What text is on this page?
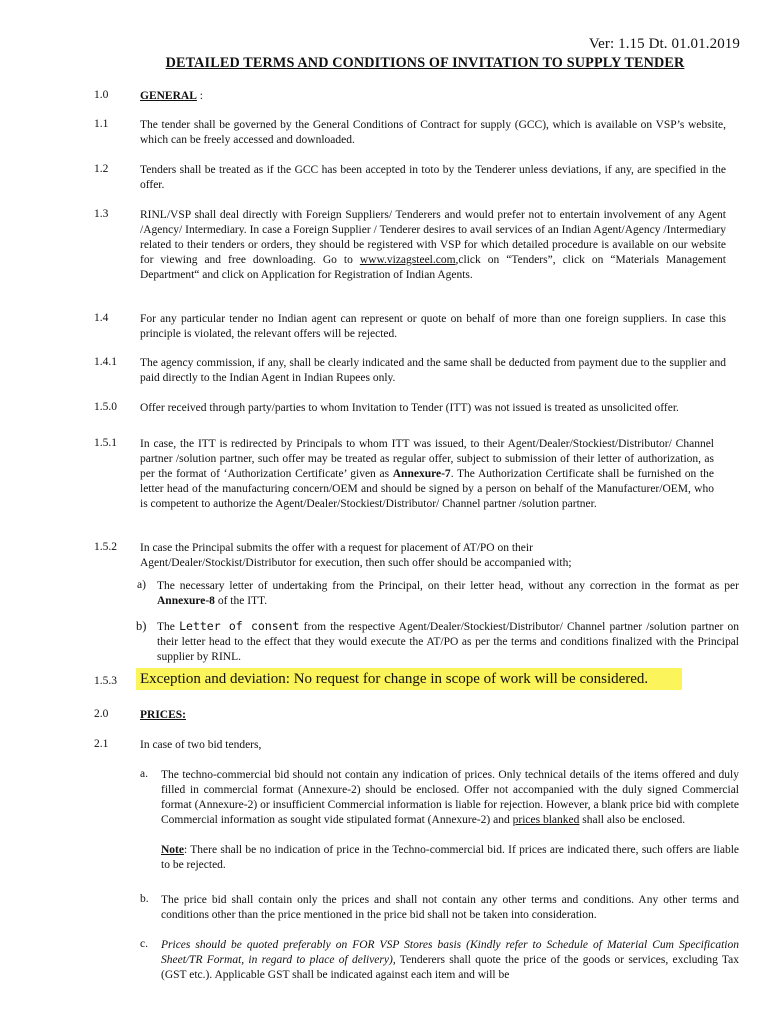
Ver: 1.15 Dt. 01.01.2019
DETAILED TERMS AND CONDITIONS OF INVITATION TO SUPPLY TENDER
1.0	GENERAL :
1.1	The tender shall be governed by the General Conditions of Contract for supply (GCC), which is available on VSP’s website, which can be freely accessed and downloaded.
1.2	Tenders shall be treated as if the GCC has been accepted in toto by the Tenderer unless deviations, if any, are specified in the offer.
1.3	RINL/VSP shall deal directly with Foreign Suppliers/ Tenderers and would prefer not to entertain involvement of any Agent /Agency/ Intermediary. In case a Foreign Supplier / Tenderer desires to avail services of an Indian Agent/Agency /Intermediary related to their tenders or orders, they should be registered with VSP for which detailed procedure is available on our website for viewing and free downloading. Go to www.vizagsteel.com,click on “Tenders”, click on “Materials Management Department“ and click on Application for Registration of Indian Agents.
1.4	For any particular tender no Indian agent can represent or quote on behalf of more than one foreign suppliers. In case this principle is violated, the relevant offers will be rejected.
1.4.1 The agency commission, if any, shall be clearly indicated and the same shall be deducted from payment due to the supplier and paid directly to the Indian Agent in Indian Rupees only.
1.5.0 Offer received through party/parties to whom Invitation to Tender (ITT) was not issued is treated as unsolicited offer.
1.5.1 In case, the ITT is redirected by Principals to whom ITT was issued, to their Agent/Dealer/Stockiest/Distributor/ Channel partner /solution partner, such offer may be treated as regular offer, subject to submission of their letter of authorization, as per the format of ‘Authorization Certificate’ given as Annexure-7. The Authorization Certificate shall be furnished on the letter head of the manufacturing concern/OEM and should be signed by a person on behalf of the Manufacturer/OEM, who is competent to authorize the Agent/Dealer/Stockiest/Distributor/ Channel partner /solution partner.
1.5.2 In case the Principal submits the offer with a request for placement of AT/PO on their Agent/Dealer/Stockist/Distributor for execution, then such offer should be accompanied with;
a) The necessary letter of undertaking from the Principal, on their letter head, without any correction in the format as per Annexure-8 of the ITT.
b) The Letter of consent from the respective Agent/Dealer/Stockiest/Distributor/ Channel partner /solution partner on their letter head to the effect that they would execute the AT/PO as per the terms and conditions finalized with the Principal supplier by RINL.
1.5.3 Exception and deviation: No request for change in scope of work will be considered.
2.0	PRICES:
2.1	In case of two bid tenders,
a. The techno-commercial bid should not contain any indication of prices. Only technical details of the items offered and duly filled in commercial format (Annexure-2) should be enclosed. Offer not accompanied with the duly signed Commercial format (Annexure-2) or insufficient Commercial information is liable for rejection. However, a blank price bid with complete Commercial information as sought vide stipulated format (Annexure-2) and prices blanked shall also be enclosed.
Note: There shall be no indication of price in the Techno-commercial bid. If prices are indicated there, such offers are liable to be rejected.
b. The price bid shall contain only the prices and shall not contain any other terms and conditions. Any other terms and conditions other than the price mentioned in the price bid shall not be taken into consideration.
c. Prices should be quoted preferably on FOR VSP Stores basis (Kindly refer to Schedule of Material Cum Specification Sheet/TR Format, in regard to place of delivery), Tenderers shall quote the price of the goods or services, excluding Tax (GST etc.). Applicable GST shall be indicated against each item and will be
